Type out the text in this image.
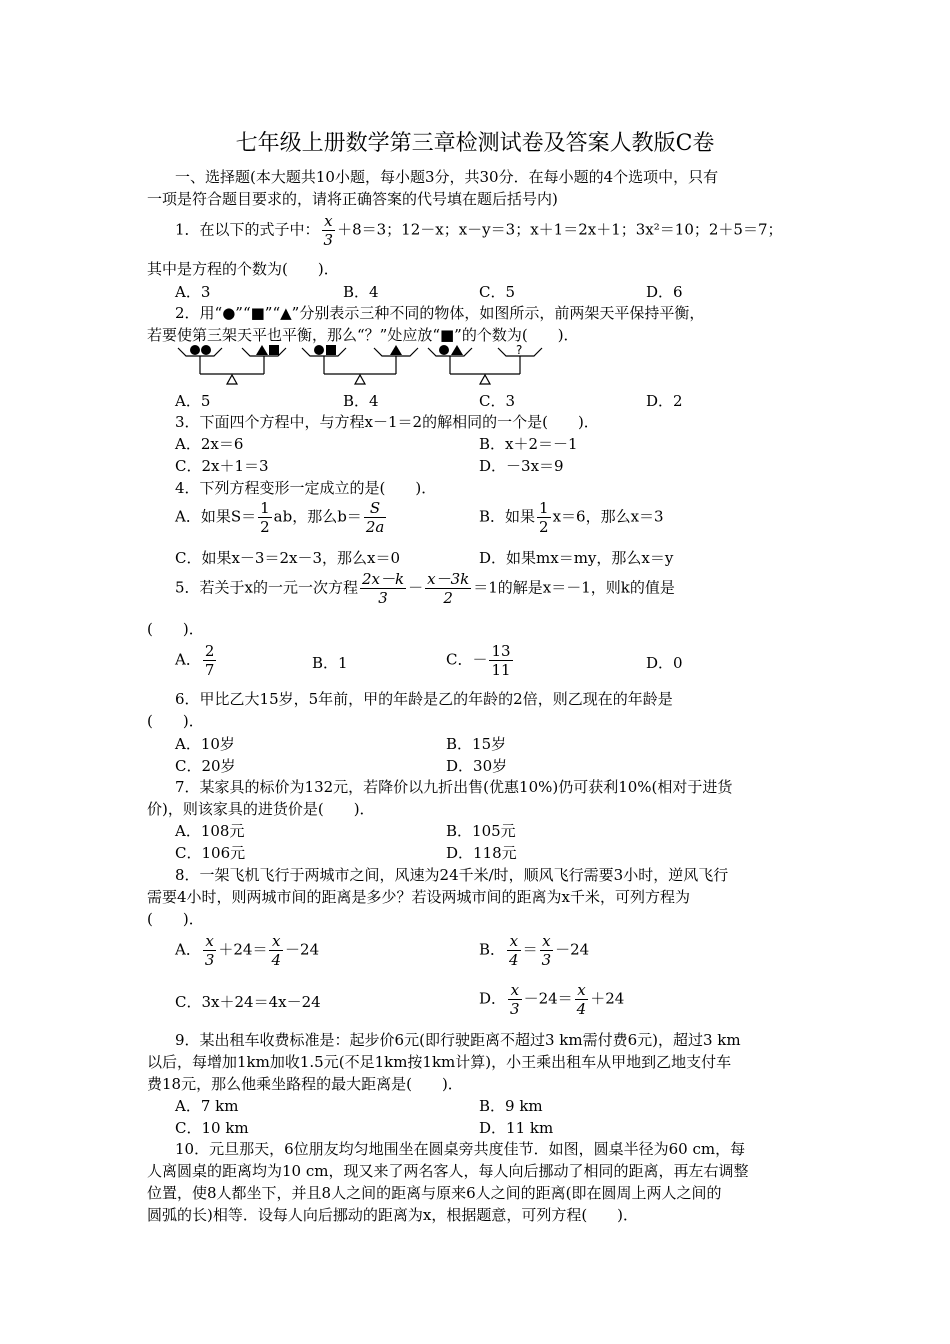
七年级上册数学第三章检测试卷及答案人教版C卷
一、选择题(本大题共10小题，每小题3分，共30分．在每小题的4个选项中，只有
一项是符合题目要求的，请将正确答案的代号填在题后括号内)
1．在以下的式子中： $\frac{x}{3} +8=3$；12－x；x－y＝3；x＋1＝2x＋1；3x²＝10；2＋5＝7；
其中是方程的个数为(　　)．
A．3	B．4	C．5	D．6
2．用“●”“■”“▲”分别表示三种不同的物体，如图所示，前两架天平保持平衡，
若要使第三架天平也平衡，那么“？”处应放“■”的个数为(　　)．
?
A．5	B．4	C．3	D．2
3．下面四个方程中，与方程x－1＝2的解相同的一个是(　　)．
A．2x＝6	B．x＋2＝－1
C．2x＋1＝3	D．－3x＝9
4．下列方程变形一定成立的是(　　)．
A．如果$S= \frac{1}{2}$ ab，那么$b= \frac{S}{2a}$	B．如果 $\frac{1}{2} x=6$，那么x＝3
C．如果x－3＝2x－3，那么x＝0	D．如果mx＝my，那么x＝y
5．若关于x的一元一次方程 $\frac{2x-k}{3} - \frac{x-3k}{2} =1$的解是x＝－1，则k的值是
(　　)．
A． $\frac{2}{7}$	B．1	C．－ $\frac{13}{11}$	D．0
6．甲比乙大15岁，5年前，甲的年龄是乙的年龄的2倍，则乙现在的年龄是
(　　)．
A．10岁	B．15岁
C．20岁	D．30岁
7．某家具的标价为132元，若降价以九折出售(优惠10%)仍可获利10%(相对于进货
价)，则该家具的进货价是(　　)．
A．108元	B．105元
C．106元	D．118元
8．一架飞机飞行于两城市之间，风速为24千米/时，顺风飞行需要3小时，逆风飞行
需要4小时，则两城市间的距离是多少？若设两城市间的距离为x千米，可列方程为
(　　)．
A． $\frac{x}{3} +24= \frac{x}{4} -24$	B． $\frac{x}{4} = \frac{x}{3} -24$
C．3x＋24＝4x－24	D． $\frac{x}{3} -24= \frac{x}{4} +24$
9．某出租车收费标准是：起步价6元(即行驶距离不超过3 km需付费6元)，超过3 km
以后，每增加1km加收1.5元(不足1km按1km计算)，小王乘出租车从甲地到乙地支付车
费18元，那么他乘坐路程的最大距离是(　　)．
A．7 km	B．9 km
C．10 km	D．11 km
10．元旦那天，6位朋友均匀地围坐在圆桌旁共度佳节．如图，圆桌半径为60 cm，每
人离圆桌的距离均为10 cm，现又来了两名客人，每人向后挪动了相同的距离，再左右调整
位置，使8人都坐下，并且8人之间的距离与原来6人之间的距离(即在圆周上两人之间的
圆弧的长)相等．设每人向后挪动的距离为x，根据题意，可列方程(　　)．
